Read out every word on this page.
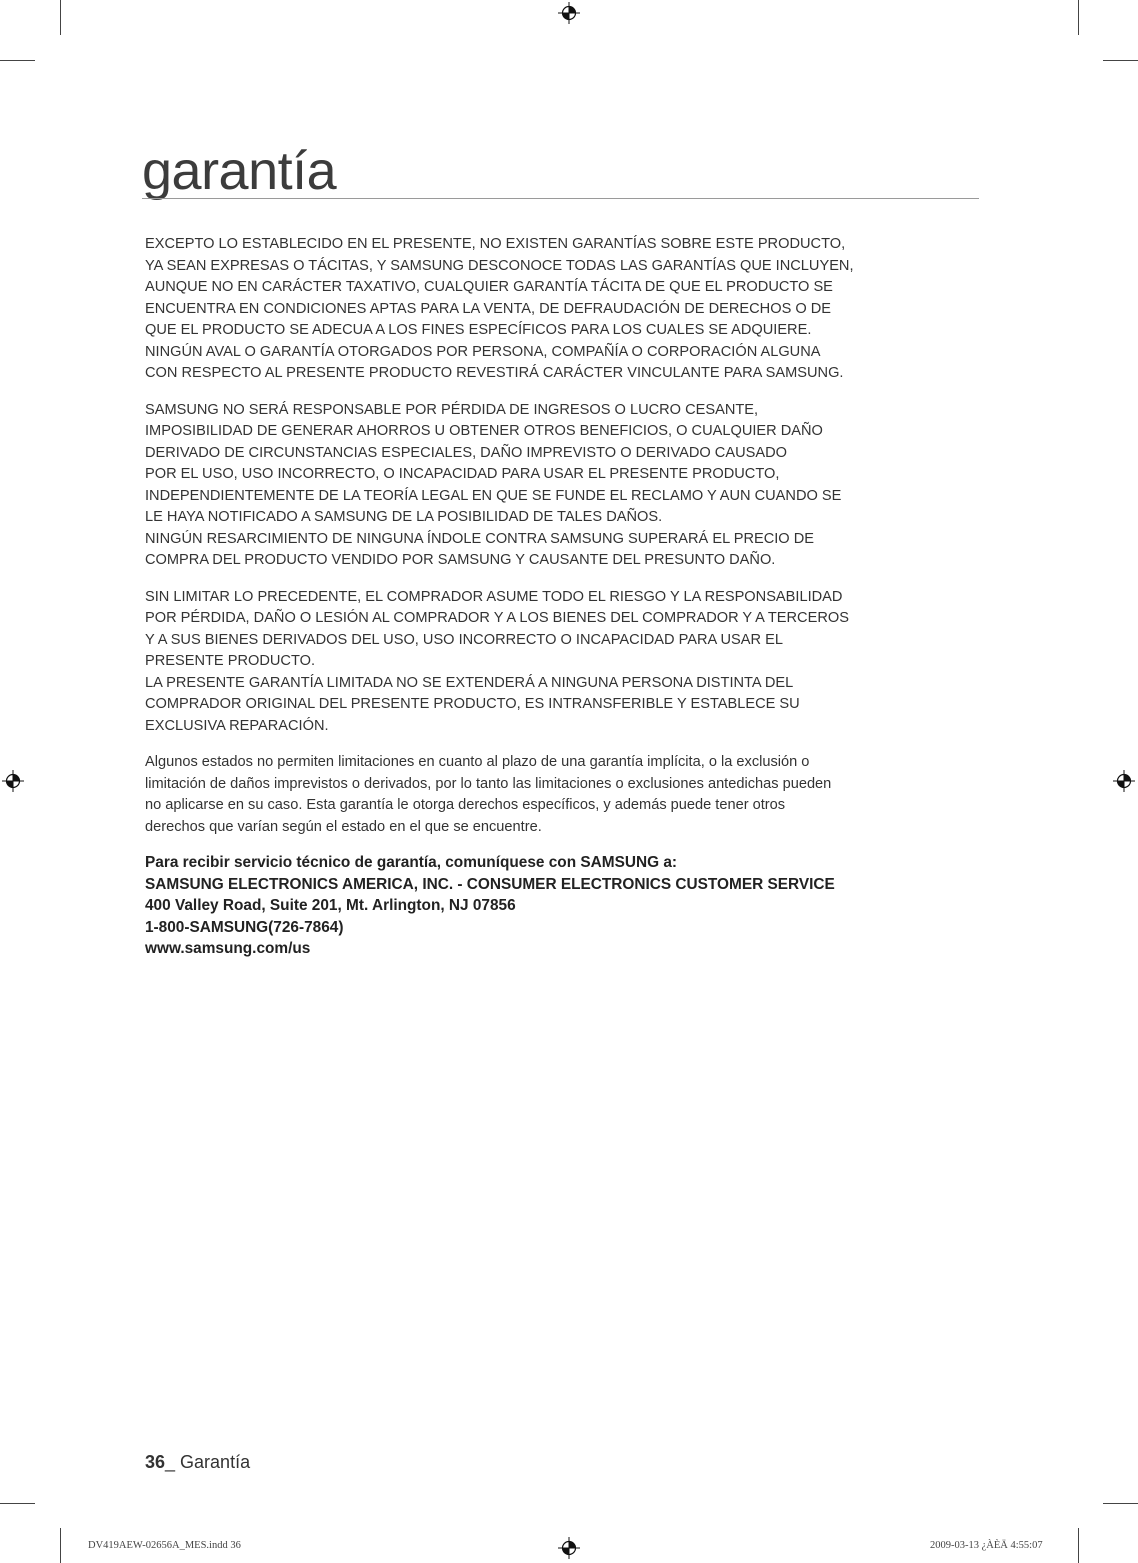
garantía

EXCEPTO LO ESTABLECIDO EN EL PRESENTE, NO EXISTEN GARANTÍAS SOBRE ESTE PRODUCTO,
YA SEAN EXPRESAS O TÁCITAS, Y SAMSUNG DESCONOCE TODAS LAS GARANTÍAS QUE INCLUYEN,
AUNQUE NO EN CARÁCTER TAXATIVO, CUALQUIER GARANTÍA TÁCITA DE QUE EL PRODUCTO SE
ENCUENTRA EN CONDICIONES APTAS PARA LA VENTA, DE DEFRAUDACIÓN DE DERECHOS O DE
QUE EL PRODUCTO SE ADECUA A LOS FINES ESPECÍFICOS PARA LOS CUALES SE ADQUIERE.
NINGÚN AVAL O GARANTÍA OTORGADOS POR PERSONA, COMPAÑÍA O CORPORACIÓN ALGUNA
CON RESPECTO AL PRESENTE PRODUCTO REVESTIRÁ CARÁCTER VINCULANTE PARA SAMSUNG.

SAMSUNG NO SERÁ RESPONSABLE POR PÉRDIDA DE INGRESOS O LUCRO CESANTE,
IMPOSIBILIDAD DE GENERAR AHORROS U OBTENER OTROS BENEFICIOS, O CUALQUIER DAÑO
DERIVADO DE CIRCUNSTANCIAS ESPECIALES, DAÑO IMPREVISTO O DERIVADO CAUSADO
POR EL USO, USO INCORRECTO, O INCAPACIDAD PARA USAR EL PRESENTE PRODUCTO,
INDEPENDIENTEMENTE DE LA TEORÍA LEGAL EN QUE SE FUNDE EL RECLAMO Y AUN CUANDO SE
LE HAYA NOTIFICADO A SAMSUNG DE LA POSIBILIDAD DE TALES DAÑOS.
NINGÚN RESARCIMIENTO DE NINGUNA ÍNDOLE CONTRA SAMSUNG SUPERARÁ EL PRECIO DE
COMPRA DEL PRODUCTO VENDIDO POR SAMSUNG Y CAUSANTE DEL PRESUNTO DAÑO.

SIN LIMITAR LO PRECEDENTE, EL COMPRADOR ASUME TODO EL RIESGO Y LA RESPONSABILIDAD
POR PÉRDIDA, DAÑO O LESIÓN AL COMPRADOR Y A LOS BIENES DEL COMPRADOR Y A TERCEROS
Y A SUS BIENES DERIVADOS DEL USO, USO INCORRECTO O INCAPACIDAD PARA USAR EL
PRESENTE PRODUCTO.
LA PRESENTE GARANTÍA LIMITADA NO SE EXTENDERÁ A NINGUNA PERSONA DISTINTA DEL
COMPRADOR ORIGINAL DEL PRESENTE PRODUCTO, ES INTRANSFERIBLE Y ESTABLECE SU
EXCLUSIVA REPARACIÓN.

Algunos estados no permiten limitaciones en cuanto al plazo de una garantía implícita, o la exclusión o
limitación de daños imprevistos o derivados, por lo tanto las limitaciones o exclusiones antedichas pueden
no aplicarse en su caso. Esta garantía le otorga derechos específicos, y además puede tener otros
derechos que varían según el estado en el que se encuentre.

Para recibir servicio técnico de garantía, comuníquese con SAMSUNG a:
SAMSUNG ELECTRONICS AMERICA, INC. - CONSUMER ELECTRONICS CUSTOMER SERVICE
400 Valley Road, Suite 201, Mt. Arlington, NJ 07856
1-800-SAMSUNG(726-7864)
www.samsung.com/us
36_ Garantía
DV419AEW-02656A_MES.indd 36	2009-03-13 ¿ÀÈÄ 4:55:07
